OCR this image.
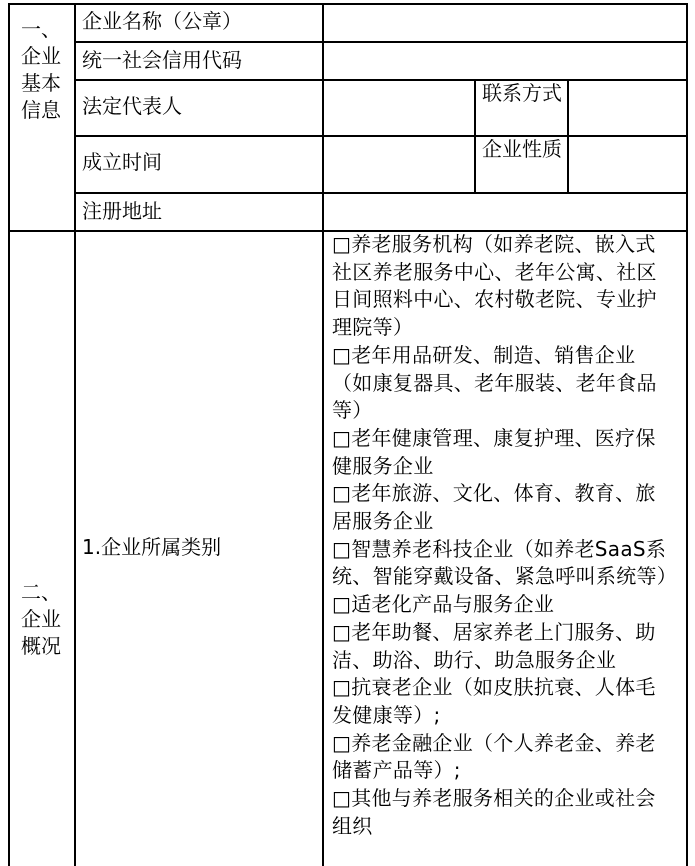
一、企业基本信息
企业名称（公章）
统一社会信用代码
法定代表人
联系方式
成立时间
企业性质
注册地址
二、企业概况
1.企业所属类别
□养老服务机构（如养老院、嵌入式社区养老服务中心、老年公寓、社区日间照料中心、农村敬老院、专业护理院等）
□老年用品研发、制造、销售企业（如康复器具、老年服装、老年食品等）
□老年健康管理、康复护理、医疗保健服务企业
□老年旅游、文化、体育、教育、旅居服务企业
□智慧养老科技企业（如养老SaaS系统、智能穿戴设备、紧急呼叫系统等）
□适老化产品与服务企业
□老年助餐、居家养老上门服务、助洁、助浴、助行、助急服务企业
□抗衰老企业（如皮肤抗衰、人体毛发健康等）;
□养老金融企业（个人养老金、养老储蓄产品等）;
□其他与养老服务相关的企业或社会组织
